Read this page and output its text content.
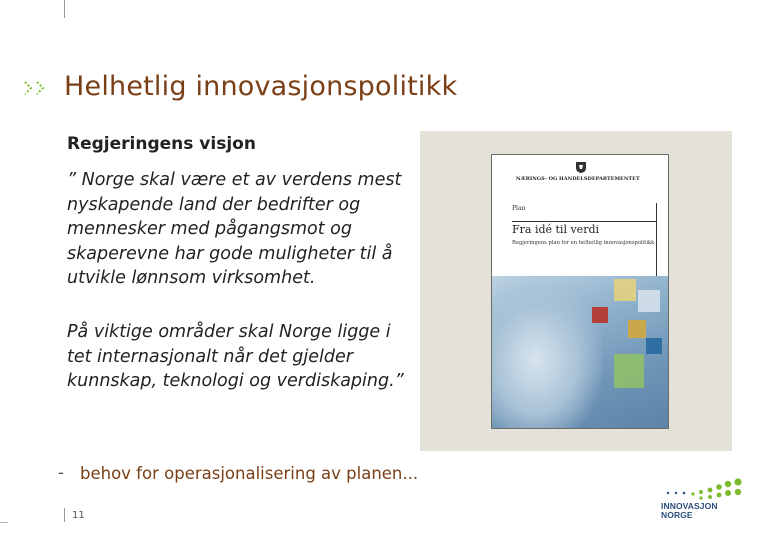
Helhetlig innovasjonspolitikk
Regjeringens visjon
” Norge skal være et av verdens mest nyskapende land der bedrifter og mennesker med pågangsmot og skaperevne har gode muligheter til å utvikle lønnsom virksomhet.
På viktige områder skal Norge ligge i tet internasjonalt når det gjelder kunnskap, teknologi og verdiskaping.”
NÆRINGS- OG HANDELSDEPARTEMENTET
Plan
Fra idé til verdi
Regjeringens plan for en helhetlig innovasjonspolitikk
- behov for operasjonalisering av planen...
11
INNOVASJON
NORGE
